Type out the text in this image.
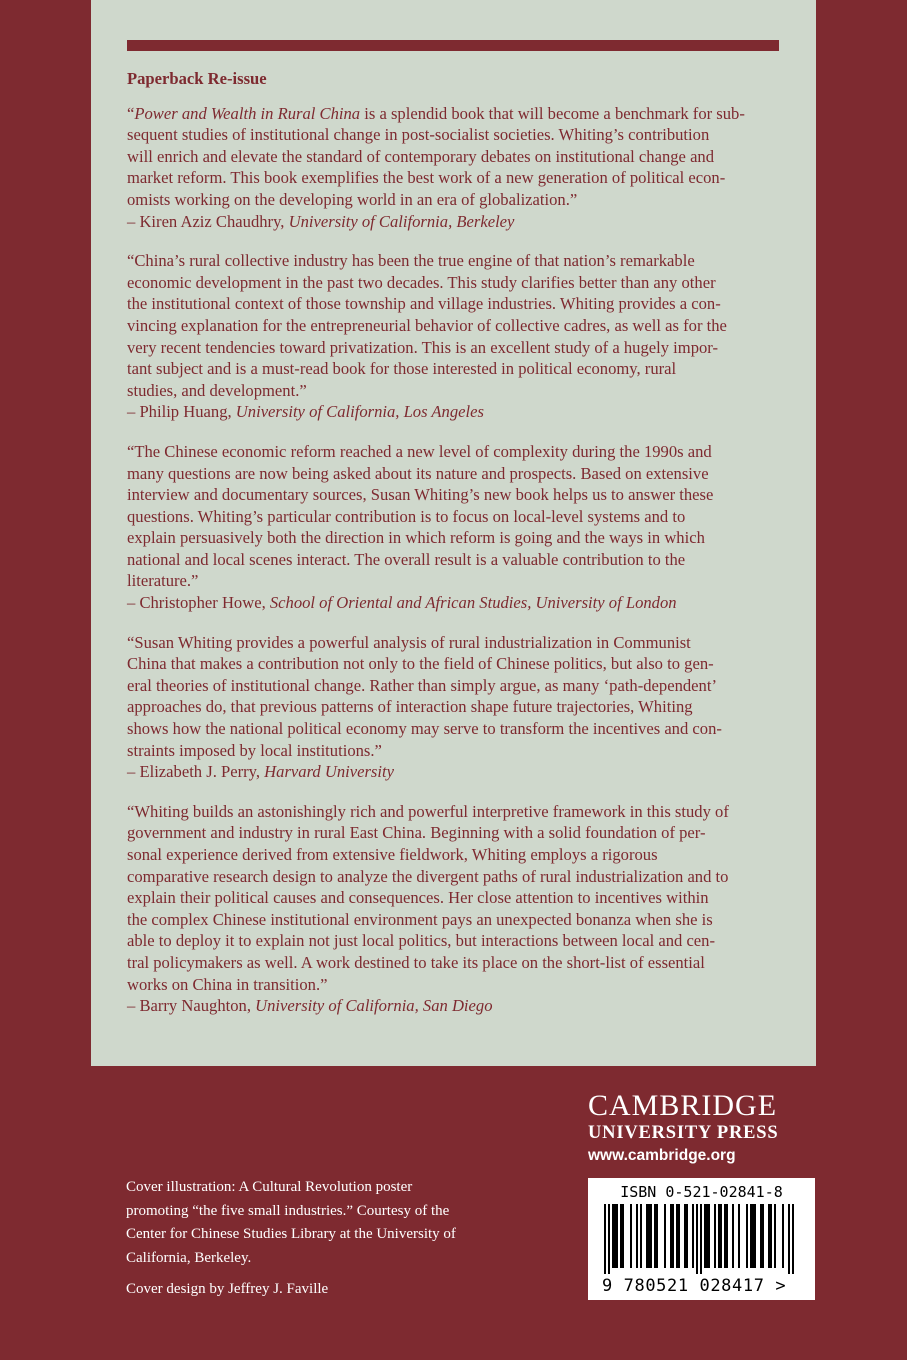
Paperback Re-issue
“Power and Wealth in Rural China is a splendid book that will become a benchmark for sub-
sequent studies of institutional change in post-socialist societies. Whiting’s contribution
will enrich and elevate the standard of contemporary debates on institutional change and
market reform. This book exemplifies the best work of a new generation of political econ-
omists working on the developing world in an era of globalization.”
– Kiren Aziz Chaudhry, University of California, Berkeley
“China’s rural collective industry has been the true engine of that nation’s remarkable
economic development in the past two decades. This study clarifies better than any other
the institutional context of those township and village industries. Whiting provides a con-
vincing explanation for the entrepreneurial behavior of collective cadres, as well as for the
very recent tendencies toward privatization. This is an excellent study of a hugely impor-
tant subject and is a must-read book for those interested in political economy, rural
studies, and development.”
– Philip Huang, University of California, Los Angeles
“The Chinese economic reform reached a new level of complexity during the 1990s and
many questions are now being asked about its nature and prospects. Based on extensive
interview and documentary sources, Susan Whiting’s new book helps us to answer these
questions. Whiting’s particular contribution is to focus on local-level systems and to
explain persuasively both the direction in which reform is going and the ways in which
national and local scenes interact. The overall result is a valuable contribution to the
literature.”
– Christopher Howe, School of Oriental and African Studies, University of London
“Susan Whiting provides a powerful analysis of rural industrialization in Communist
China that makes a contribution not only to the field of Chinese politics, but also to gen-
eral theories of institutional change. Rather than simply argue, as many ‘path-dependent’
approaches do, that previous patterns of interaction shape future trajectories, Whiting
shows how the national political economy may serve to transform the incentives and con-
straints imposed by local institutions.”
– Elizabeth J. Perry, Harvard University
“Whiting builds an astonishingly rich and powerful interpretive framework in this study of
government and industry in rural East China. Beginning with a solid foundation of per-
sonal experience derived from extensive fieldwork, Whiting employs a rigorous
comparative research design to analyze the divergent paths of rural industrialization and to
explain their political causes and consequences. Her close attention to incentives within
the complex Chinese institutional environment pays an unexpected bonanza when she is
able to deploy it to explain not just local politics, but interactions between local and cen-
tral policymakers as well. A work destined to take its place on the short-list of essential
works on China in transition.”
– Barry Naughton, University of California, San Diego
CAMBRIDGE
UNIVERSITY PRESS
www.cambridge.org
Cover illustration: A Cultural Revolution poster
promoting “the five small industries.” Courtesy of the
Center for Chinese Studies Library at the University of
California, Berkeley.
Cover design by Jeffrey J. Faville
ISBN 0-521-02841-8
9 780521 028417 >
